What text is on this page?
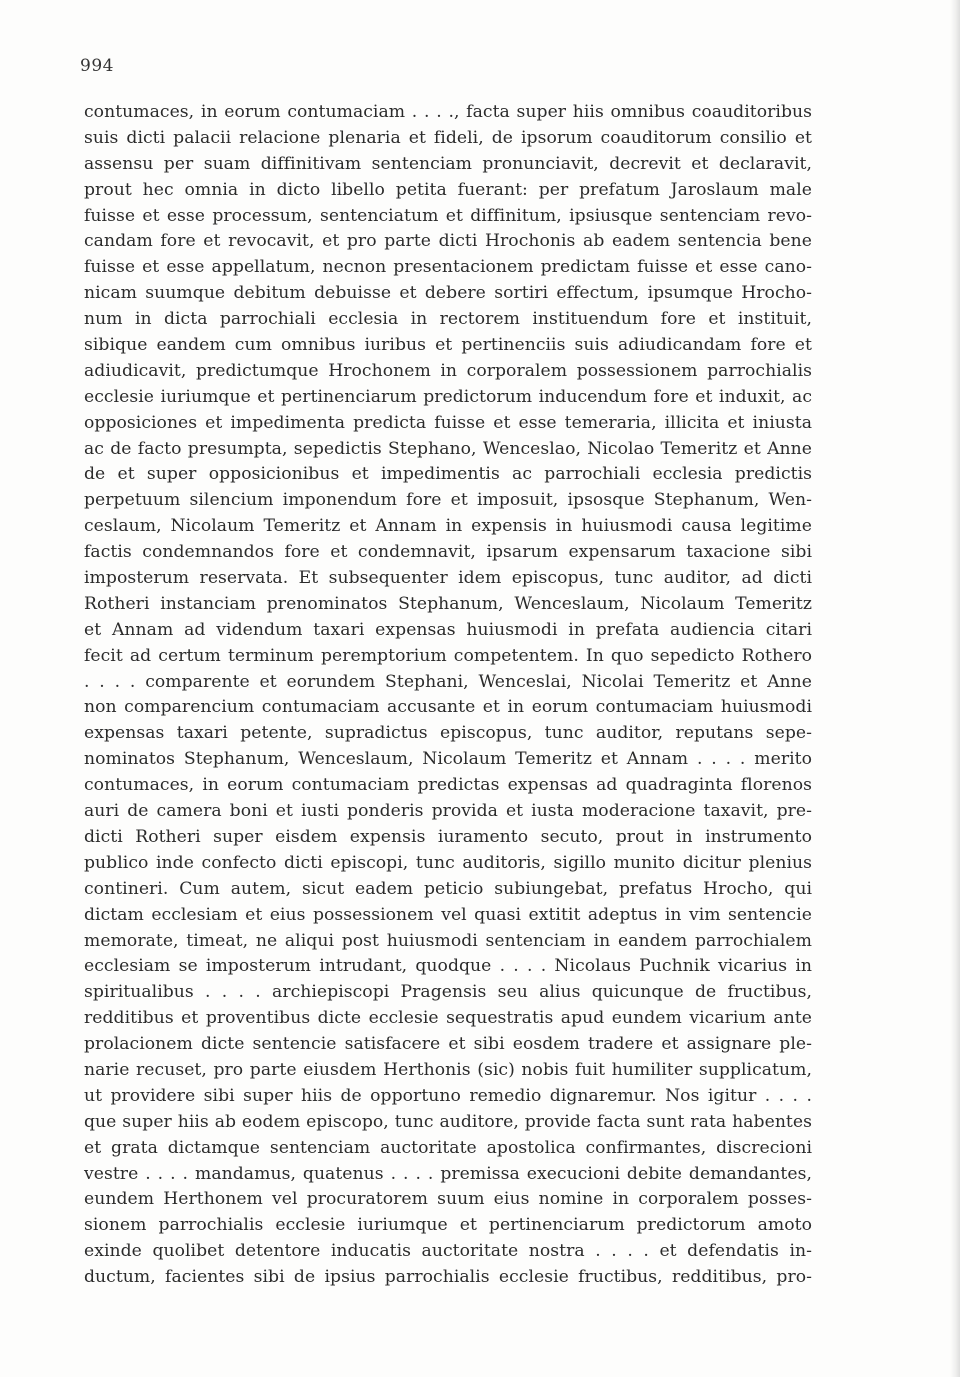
994
contumaces, in eorum contumaciam . . . ., facta super hiis omnibus coauditoribus
suis dicti palacii relacione plenaria et fideli, de ipsorum coauditorum consilio et
assensu per suam diffinitivam sentenciam pronunciavit, decrevit et declaravit,
prout hec omnia in dicto libello petita fuerant: per prefatum Jaroslaum male
fuisse et esse processum, sentenciatum et diffinitum, ipsiusque sentenciam revo-
candam fore et revocavit, et pro parte dicti Hrochonis ab eadem sentencia bene
fuisse et esse appellatum, necnon presentacionem predictam fuisse et esse cano-
nicam suumque debitum debuisse et debere sortiri effectum, ipsumque Hrocho-
num in dicta parrochiali ecclesia in rectorem instituendum fore et instituit,
sibique eandem cum omnibus iuribus et pertinenciis suis adiudicandam fore et
adiudicavit, predictumque Hrochonem in corporalem possessionem parrochialis
ecclesie iuriumque et pertinenciarum predictorum inducendum fore et induxit, ac
opposiciones et impedimenta predicta fuisse et esse temeraria, illicita et iniusta
ac de facto presumpta, sepedictis Stephano, Wenceslao, Nicolao Temeritz et Anne
de et super opposicionibus et impedimentis ac parrochiali ecclesia predictis
perpetuum silencium imponendum fore et imposuit, ipsosque Stephanum, Wen-
ceslaum, Nicolaum Temeritz et Annam in expensis in huiusmodi causa legitime
factis condemnandos fore et condemnavit, ipsarum expensarum taxacione sibi
imposterum reservata. Et subsequenter idem episcopus, tunc auditor, ad dicti
Rotheri instanciam prenominatos Stephanum, Wenceslaum, Nicolaum Temeritz
et Annam ad videndum taxari expensas huiusmodi in prefata audiencia citari
fecit ad certum terminum peremptorium competentem. In quo sepedicto Rothero
. . . . comparente et eorundem Stephani, Wenceslai, Nicolai Temeritz et Anne
non comparencium contumaciam accusante et in eorum contumaciam huiusmodi
expensas taxari petente, supradictus episcopus, tunc auditor, reputans sepe-
nominatos Stephanum, Wenceslaum, Nicolaum Temeritz et Annam . . . . merito
contumaces, in eorum contumaciam predictas expensas ad quadraginta florenos
auri de camera boni et iusti ponderis provida et iusta moderacione taxavit, pre-
dicti Rotheri super eisdem expensis iuramento secuto, prout in instrumento
publico inde confecto dicti episcopi, tunc auditoris, sigillo munito dicitur plenius
contineri. Cum autem, sicut eadem peticio subiungebat, prefatus Hrocho, qui
dictam ecclesiam et eius possessionem vel quasi extitit adeptus in vim sentencie
memorate, timeat, ne aliqui post huiusmodi sentenciam in eandem parrochialem
ecclesiam se imposterum intrudant, quodque . . . . Nicolaus Puchnik vicarius in
spiritualibus . . . . archiepiscopi Pragensis seu alius quicunque de fructibus,
redditibus et proventibus dicte ecclesie sequestratis apud eundem vicarium ante
prolacionem dicte sentencie satisfacere et sibi eosdem tradere et assignare ple-
narie recuset, pro parte eiusdem Herthonis (sic) nobis fuit humiliter supplicatum,
ut providere sibi super hiis de opportuno remedio dignaremur. Nos igitur . . . .
que super hiis ab eodem episcopo, tunc auditore, provide facta sunt rata habentes
et grata dictamque sentenciam auctoritate apostolica confirmantes, discrecioni
vestre . . . . mandamus, quatenus . . . . premissa execucioni debite demandantes,
eundem Herthonem vel procuratorem suum eius nomine in corporalem posses-
sionem parrochialis ecclesie iuriumque et pertinenciarum predictorum amoto
exinde quolibet detentore inducatis auctoritate nostra . . . . et defendatis in-
ductum, facientes sibi de ipsius parrochialis ecclesie fructibus, redditibus, pro-
